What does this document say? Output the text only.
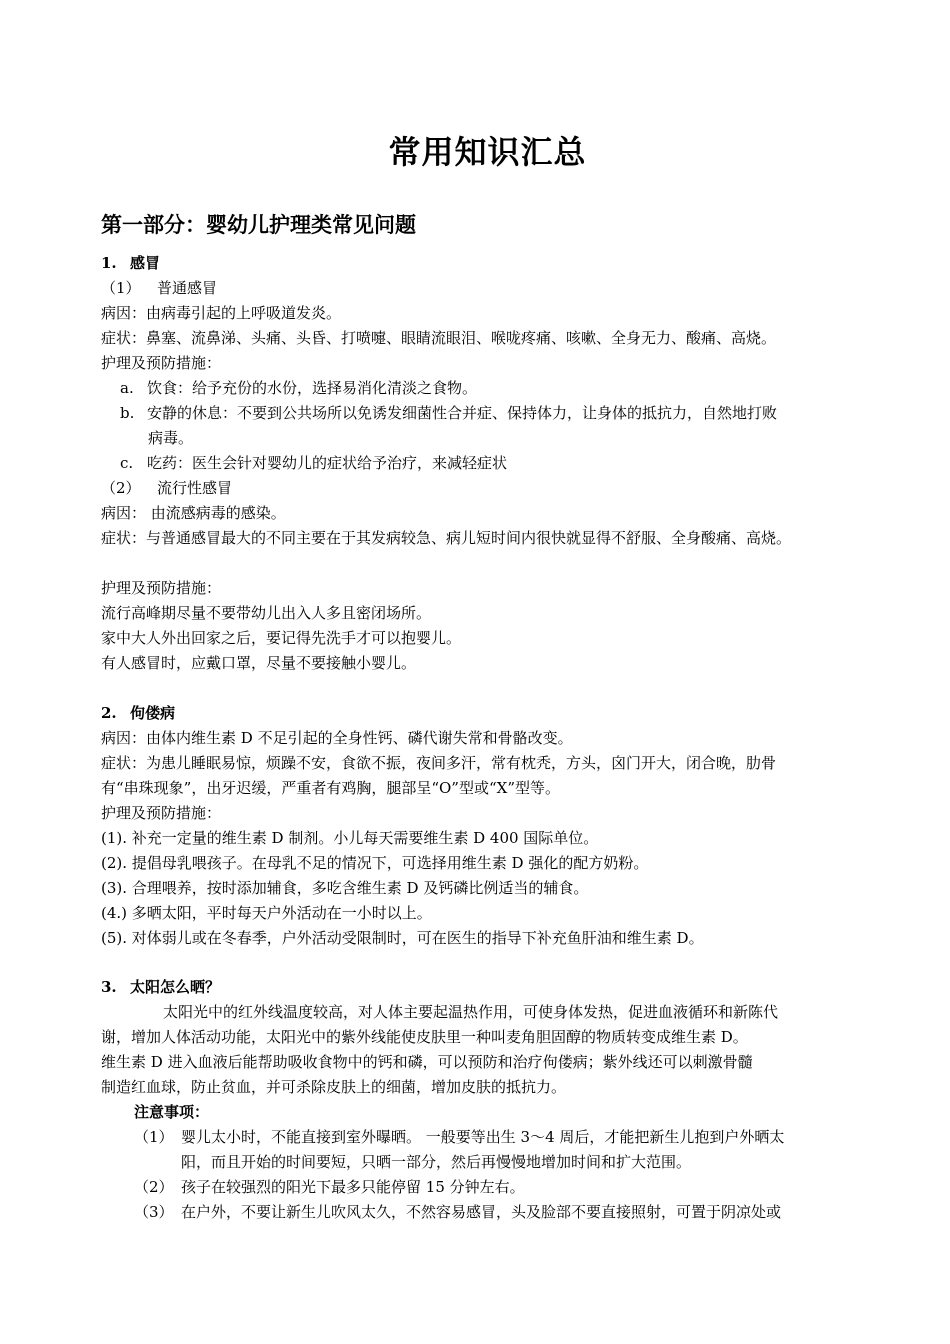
常用知识汇总
第一部分：婴幼儿护理类常见问题
1. 感冒
（1） 普通感冒
病因：由病毒引起的上呼吸道发炎。
症状：鼻塞、流鼻涕、头痛、头昏、打喷嚏、眼睛流眼泪、喉咙疼痛、咳嗽、全身无力、酸痛、高烧。
护理及预防措施：
a. 饮食：给予充份的水份，选择易消化清淡之食物。
b. 安静的休息：不要到公共场所以免诱发细菌性合并症、保持体力，让身体的抵抗力，自然地打败
病毒。
c. 吃药：医生会针对婴幼儿的症状给予治疗，来减轻症状
（2） 流行性感冒
病因： 由流感病毒的感染。
症状：与普通感冒最大的不同主要在于其发病较急、病儿短时间内很快就显得不舒服、全身酸痛、高烧。
护理及预防措施：
流行高峰期尽量不要带幼儿出入人多且密闭场所。
家中大人外出回家之后，要记得先洗手才可以抱婴儿。
有人感冒时，应戴口罩，尽量不要接触小婴儿。
2. 佝偻病
病因：由体内维生素 D 不足引起的全身性钙、磷代谢失常和骨骼改变。
症状：为患儿睡眠易惊，烦躁不安，食欲不振，夜间多汗，常有枕秃，方头，囟门开大，闭合晚，肋骨
有“串珠现象”，出牙迟缓，严重者有鸡胸，腿部呈“O”型或“X”型等。
护理及预防措施：
(1). 补充一定量的维生素 D 制剂。小儿每天需要维生素 D 400 国际单位。
(2). 提倡母乳喂孩子。在母乳不足的情况下，可选择用维生素 D 强化的配方奶粉。
(3). 合理喂养，按时添加辅食，多吃含维生素 D 及钙磷比例适当的辅食。
(4.) 多晒太阳，平时每天户外活动在一小时以上。
(5). 对体弱儿或在冬春季，户外活动受限制时，可在医生的指导下补充鱼肝油和维生素 D。
3. 太阳怎么晒？
太阳光中的红外线温度较高，对人体主要起温热作用，可使身体发热，促进血液循环和新陈代
谢，增加人体活动功能，太阳光中的紫外线能使皮肤里一种叫麦角胆固醇的物质转变成维生素 D。
维生素 D 进入血液后能帮助吸收食物中的钙和磷，可以预防和治疗佝偻病；紫外线还可以刺激骨髓
制造红血球，防止贫血，并可杀除皮肤上的细菌，增加皮肤的抵抗力。
注意事项：
（1） 婴儿太小时，不能直接到室外曝晒。 一般要等出生 3～4 周后，才能把新生儿抱到户外晒太
阳，而且开始的时间要短，只晒一部分，然后再慢慢地增加时间和扩大范围。
（2） 孩子在较强烈的阳光下最多只能停留 15 分钟左右。
（3） 在户外，不要让新生儿吹风太久，不然容易感冒，头及脸部不要直接照射，可置于阴凉处或
